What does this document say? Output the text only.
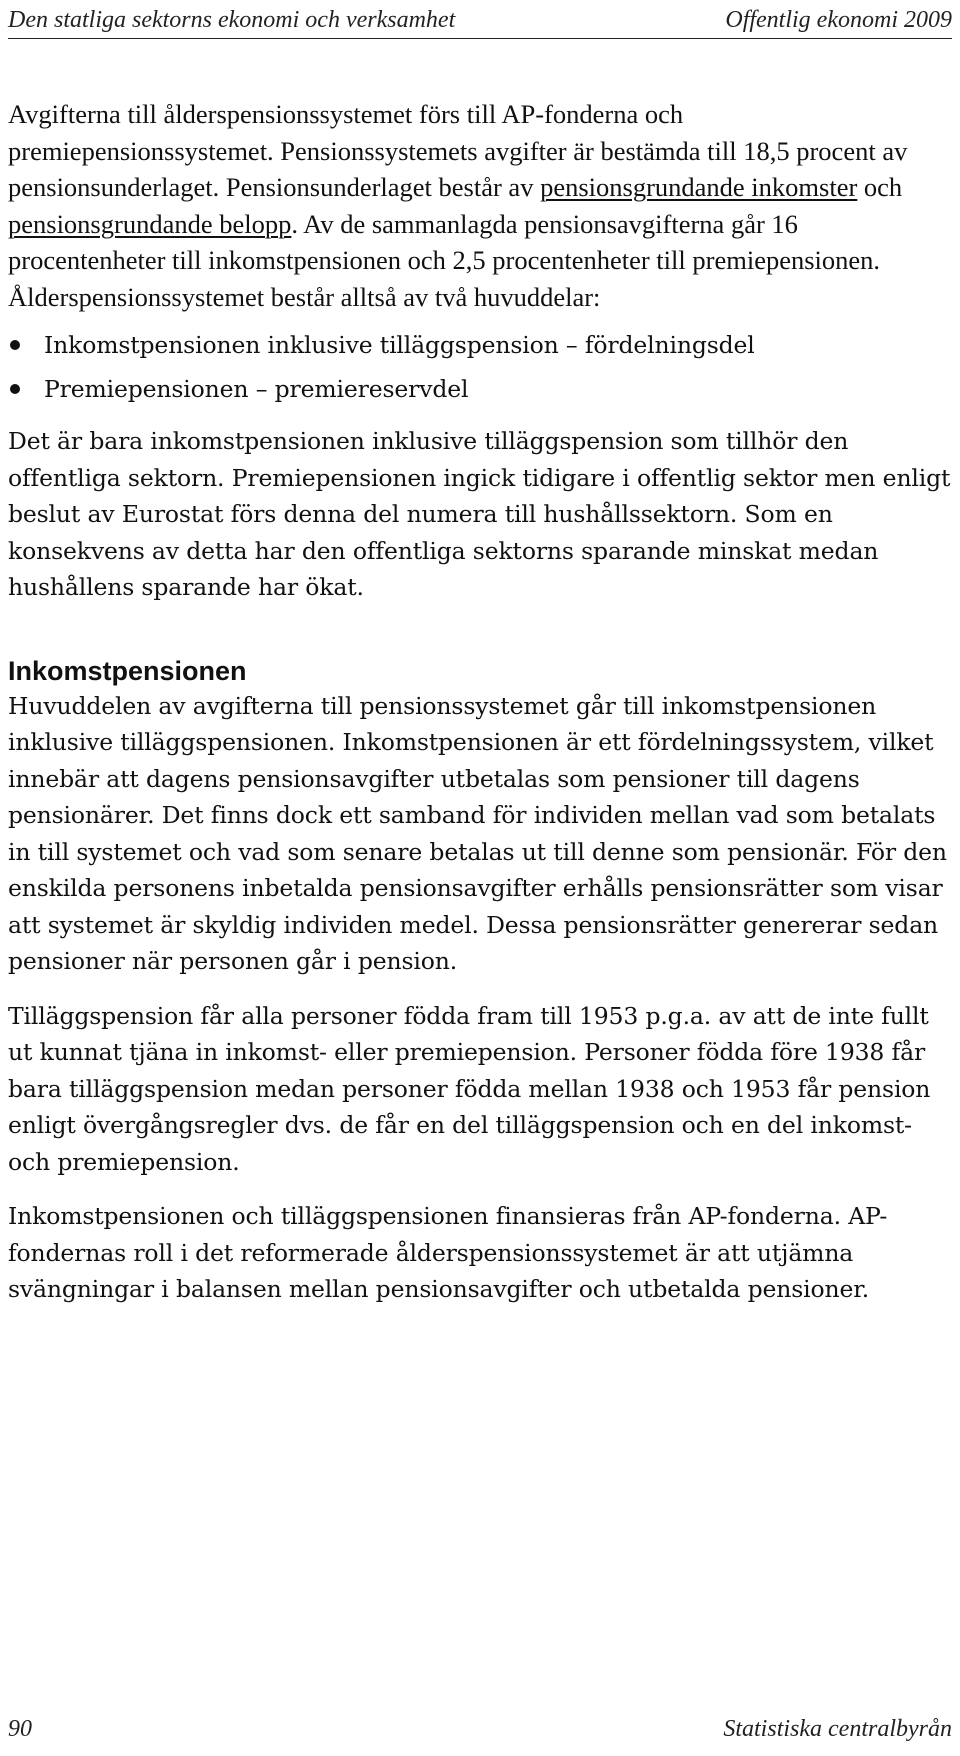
Den statliga sektorns ekonomi och verksamhet	Offentlig ekonomi 2009

Avgifterna till ålderspensionssystemet förs till AP-fonderna och premiepensionssystemet. Pensionssystemets avgifter är bestämda till 18,5 procent av pensionsunderlaget. Pensionsunderlaget består av pensionsgrundande inkomster och pensionsgrundande belopp. Av de sammanlagda pensionsavgifterna går 16 procentenheter till inkomstpensionen och 2,5 procentenheter till premiepensionen. Ålderspensionssystemet består alltså av två huvuddelar:

Inkomstpensionen inklusive tilläggspension – fördelningsdel
Premiepensionen – premiereservdel

Det är bara inkomstpensionen inklusive tilläggspension som tillhör den offentliga sektorn. Premiepensionen ingick tidigare i offentlig sektor men enligt beslut av Eurostat förs denna del numera till hushållssektorn. Som en konsekvens av detta har den offentliga sektorns sparande minskat medan hushållens sparande har ökat.

Inkomstpensionen

Huvuddelen av avgifterna till pensionssystemet går till inkomstpensionen inklusive tilläggspensionen. Inkomstpensionen är ett fördelningssystem, vilket innebär att dagens pensionsavgifter utbetalas som pensioner till dagens pensionärer. Det finns dock ett samband för individen mellan vad som betalats in till systemet och vad som senare betalas ut till denne som pensionär. För den enskilda personens inbetalda pensionsavgifter erhålls pensionsrätter som visar att systemet är skyldig individen medel. Dessa pensionsrätter genererar sedan pensioner när personen går i pension.

Tilläggspension får alla personer födda fram till 1953 p.g.a. av att de inte fullt ut kunnat tjäna in inkomst- eller premiepension. Personer födda före 1938 får bara tilläggspension medan personer födda mellan 1938 och 1953 får pension enligt övergångsregler dvs. de får en del tilläggspension och en del inkomst- och premiepension.

Inkomstpensionen och tilläggspensionen finansieras från AP-fonderna. AP-fondernas roll i det reformerade ålderspensionssystemet är att utjämna svängningar i balansen mellan pensionsavgifter och utbetalda pensioner.

90	Statistiska centralbyrån
